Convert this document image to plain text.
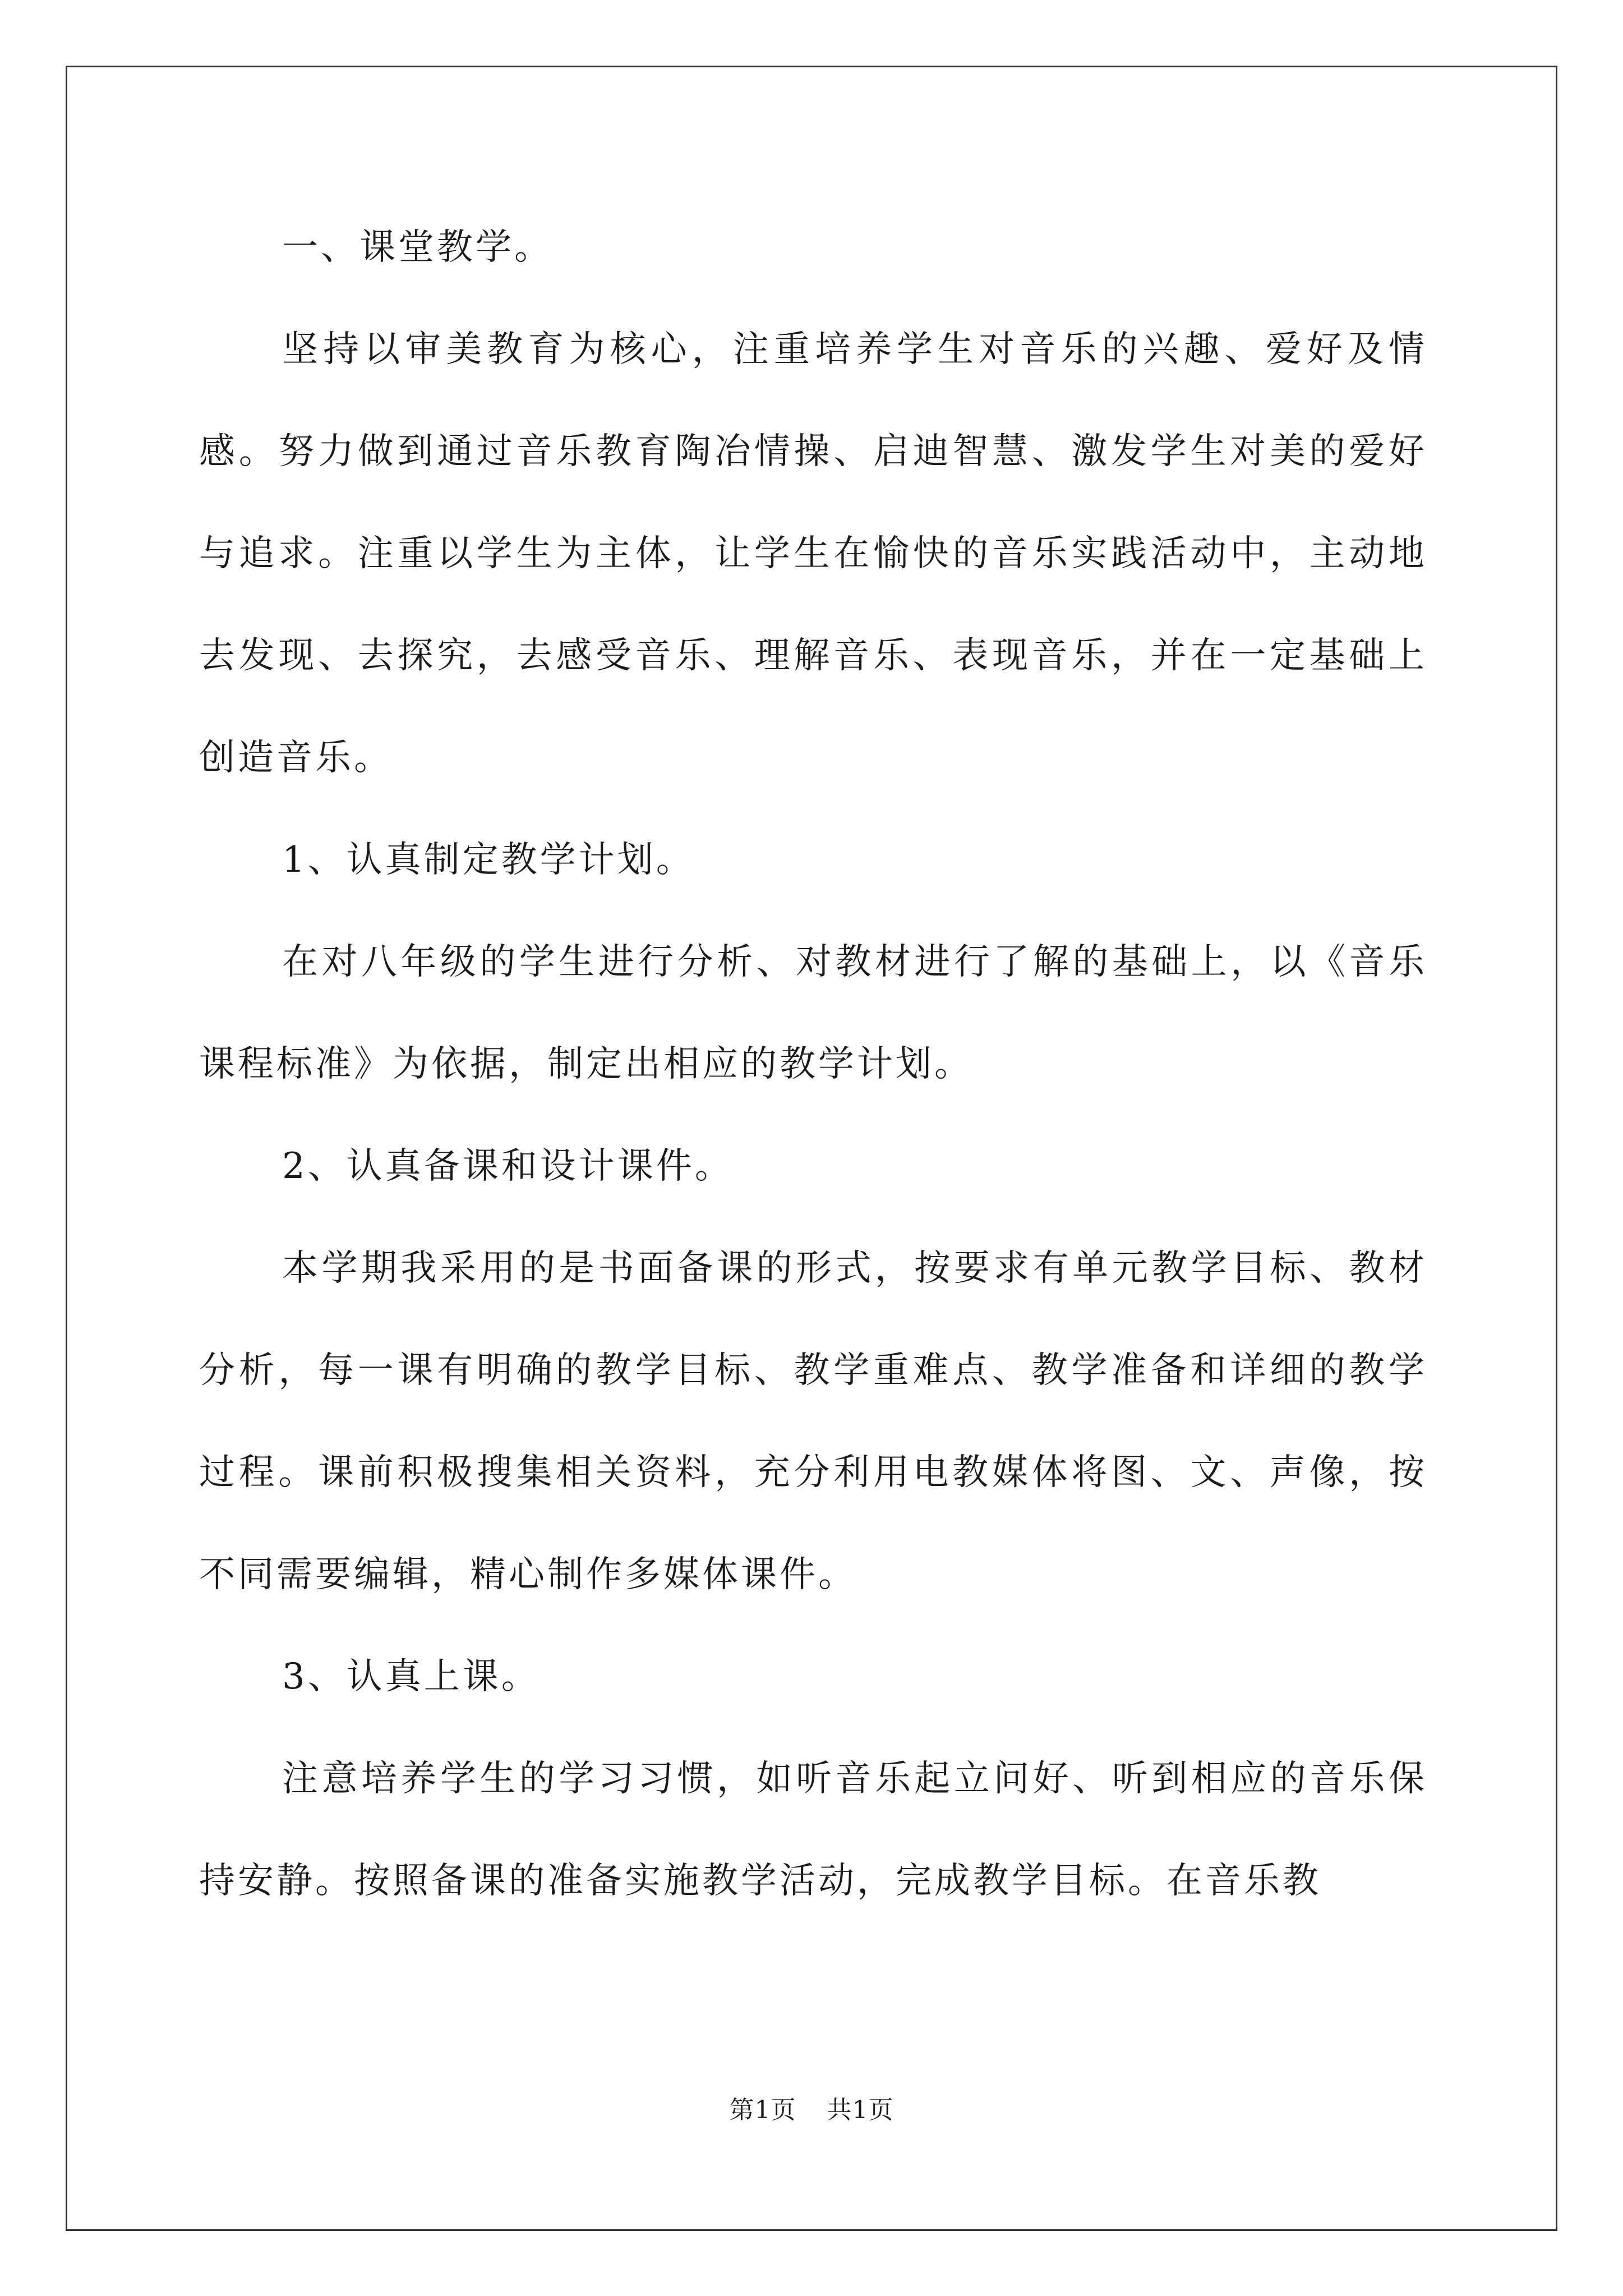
一、课堂教学。

坚持以审美教育为核心，注重培养学生对音乐的兴趣、爱好及情感。努力做到通过音乐教育陶冶情操、启迪智慧、激发学生对美的爱好与追求。注重以学生为主体，让学生在愉快的音乐实践活动中，主动地去发现、去探究，去感受音乐、理解音乐、表现音乐，并在一定基础上创造音乐。

1、认真制定教学计划。

在对八年级的学生进行分析、对教材进行了解的基础上，以《音乐课程标准》为依据，制定出相应的教学计划。

2、认真备课和设计课件。

本学期我采用的是书面备课的形式，按要求有单元教学目标、教材分析，每一课有明确的教学目标、教学重难点、教学准备和详细的教学过程。课前积极搜集相关资料，充分利用电教媒体将图、文、声像，按不同需要编辑，精心制作多媒体课件。

3、认真上课。

注意培养学生的学习习惯，如听音乐起立问好、听到相应的音乐保持安静。按照备课的准备实施教学活动，完成教学目标。在音乐教

第1页 共1页
